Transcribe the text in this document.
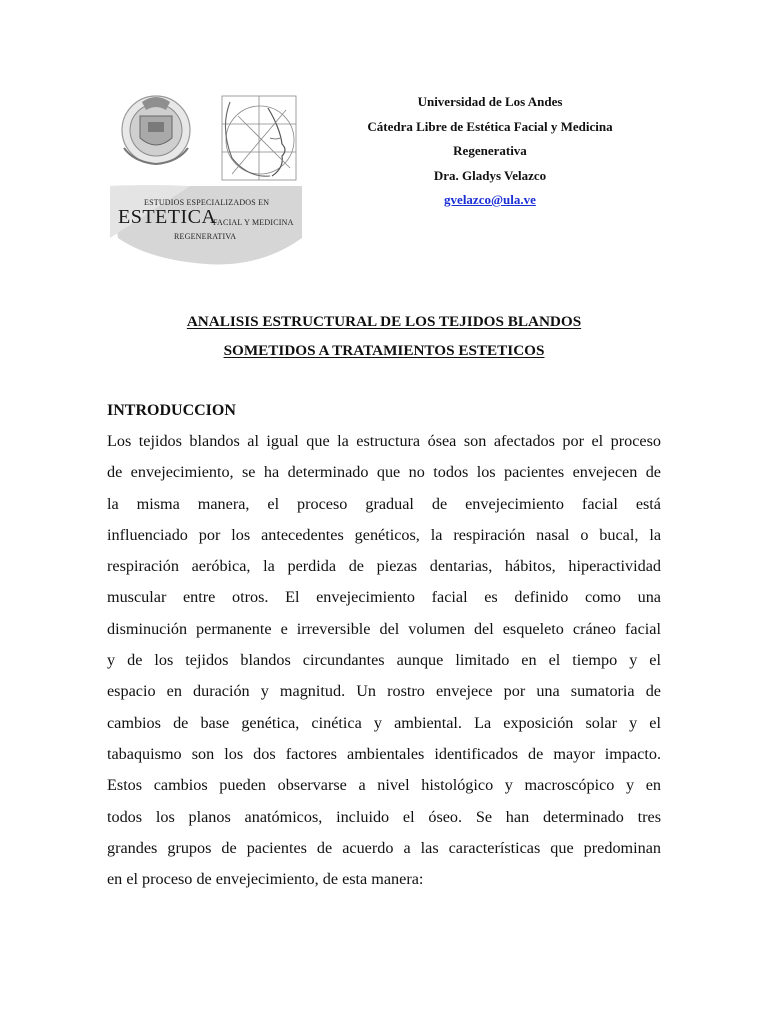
ESTUDIOS ESPECIALIZADOS EN
ESTETICA
FACIAL Y MEDICINA
REGENERATIVA
Universidad de Los Andes
Cátedra Libre de Estética Facial y Medicina
Regenerativa
Dra. Gladys Velazco
gvelazco@ula.ve
ANALISIS ESTRUCTURAL DE LOS TEJIDOS BLANDOS
SOMETIDOS A TRATAMIENTOS ESTETICOS
INTRODUCCION
Los tejidos blandos al igual que la estructura ósea son afectados por el proceso
de envejecimiento, se ha determinado que no todos los pacientes envejecen de
la misma manera, el proceso gradual de envejecimiento facial está
influenciado por los antecedentes genéticos, la respiración nasal o bucal, la
respiración aeróbica, la perdida de piezas dentarias, hábitos, hiperactividad
muscular entre otros. El envejecimiento facial es definido como una
disminución permanente e irreversible del volumen del esqueleto cráneo facial
y de los tejidos blandos circundantes aunque limitado en el tiempo y el
espacio en duración y magnitud. Un rostro envejece por una sumatoria de
cambios de base genética, cinética y ambiental. La exposición solar y el
tabaquismo son los dos factores ambientales identificados de mayor impacto.
Estos cambios pueden observarse a nivel histológico y macroscópico y en
todos los planos anatómicos, incluido el óseo. Se han determinado tres
grandes grupos de pacientes de acuerdo a las características que predominan
en el proceso de envejecimiento, de esta manera:
